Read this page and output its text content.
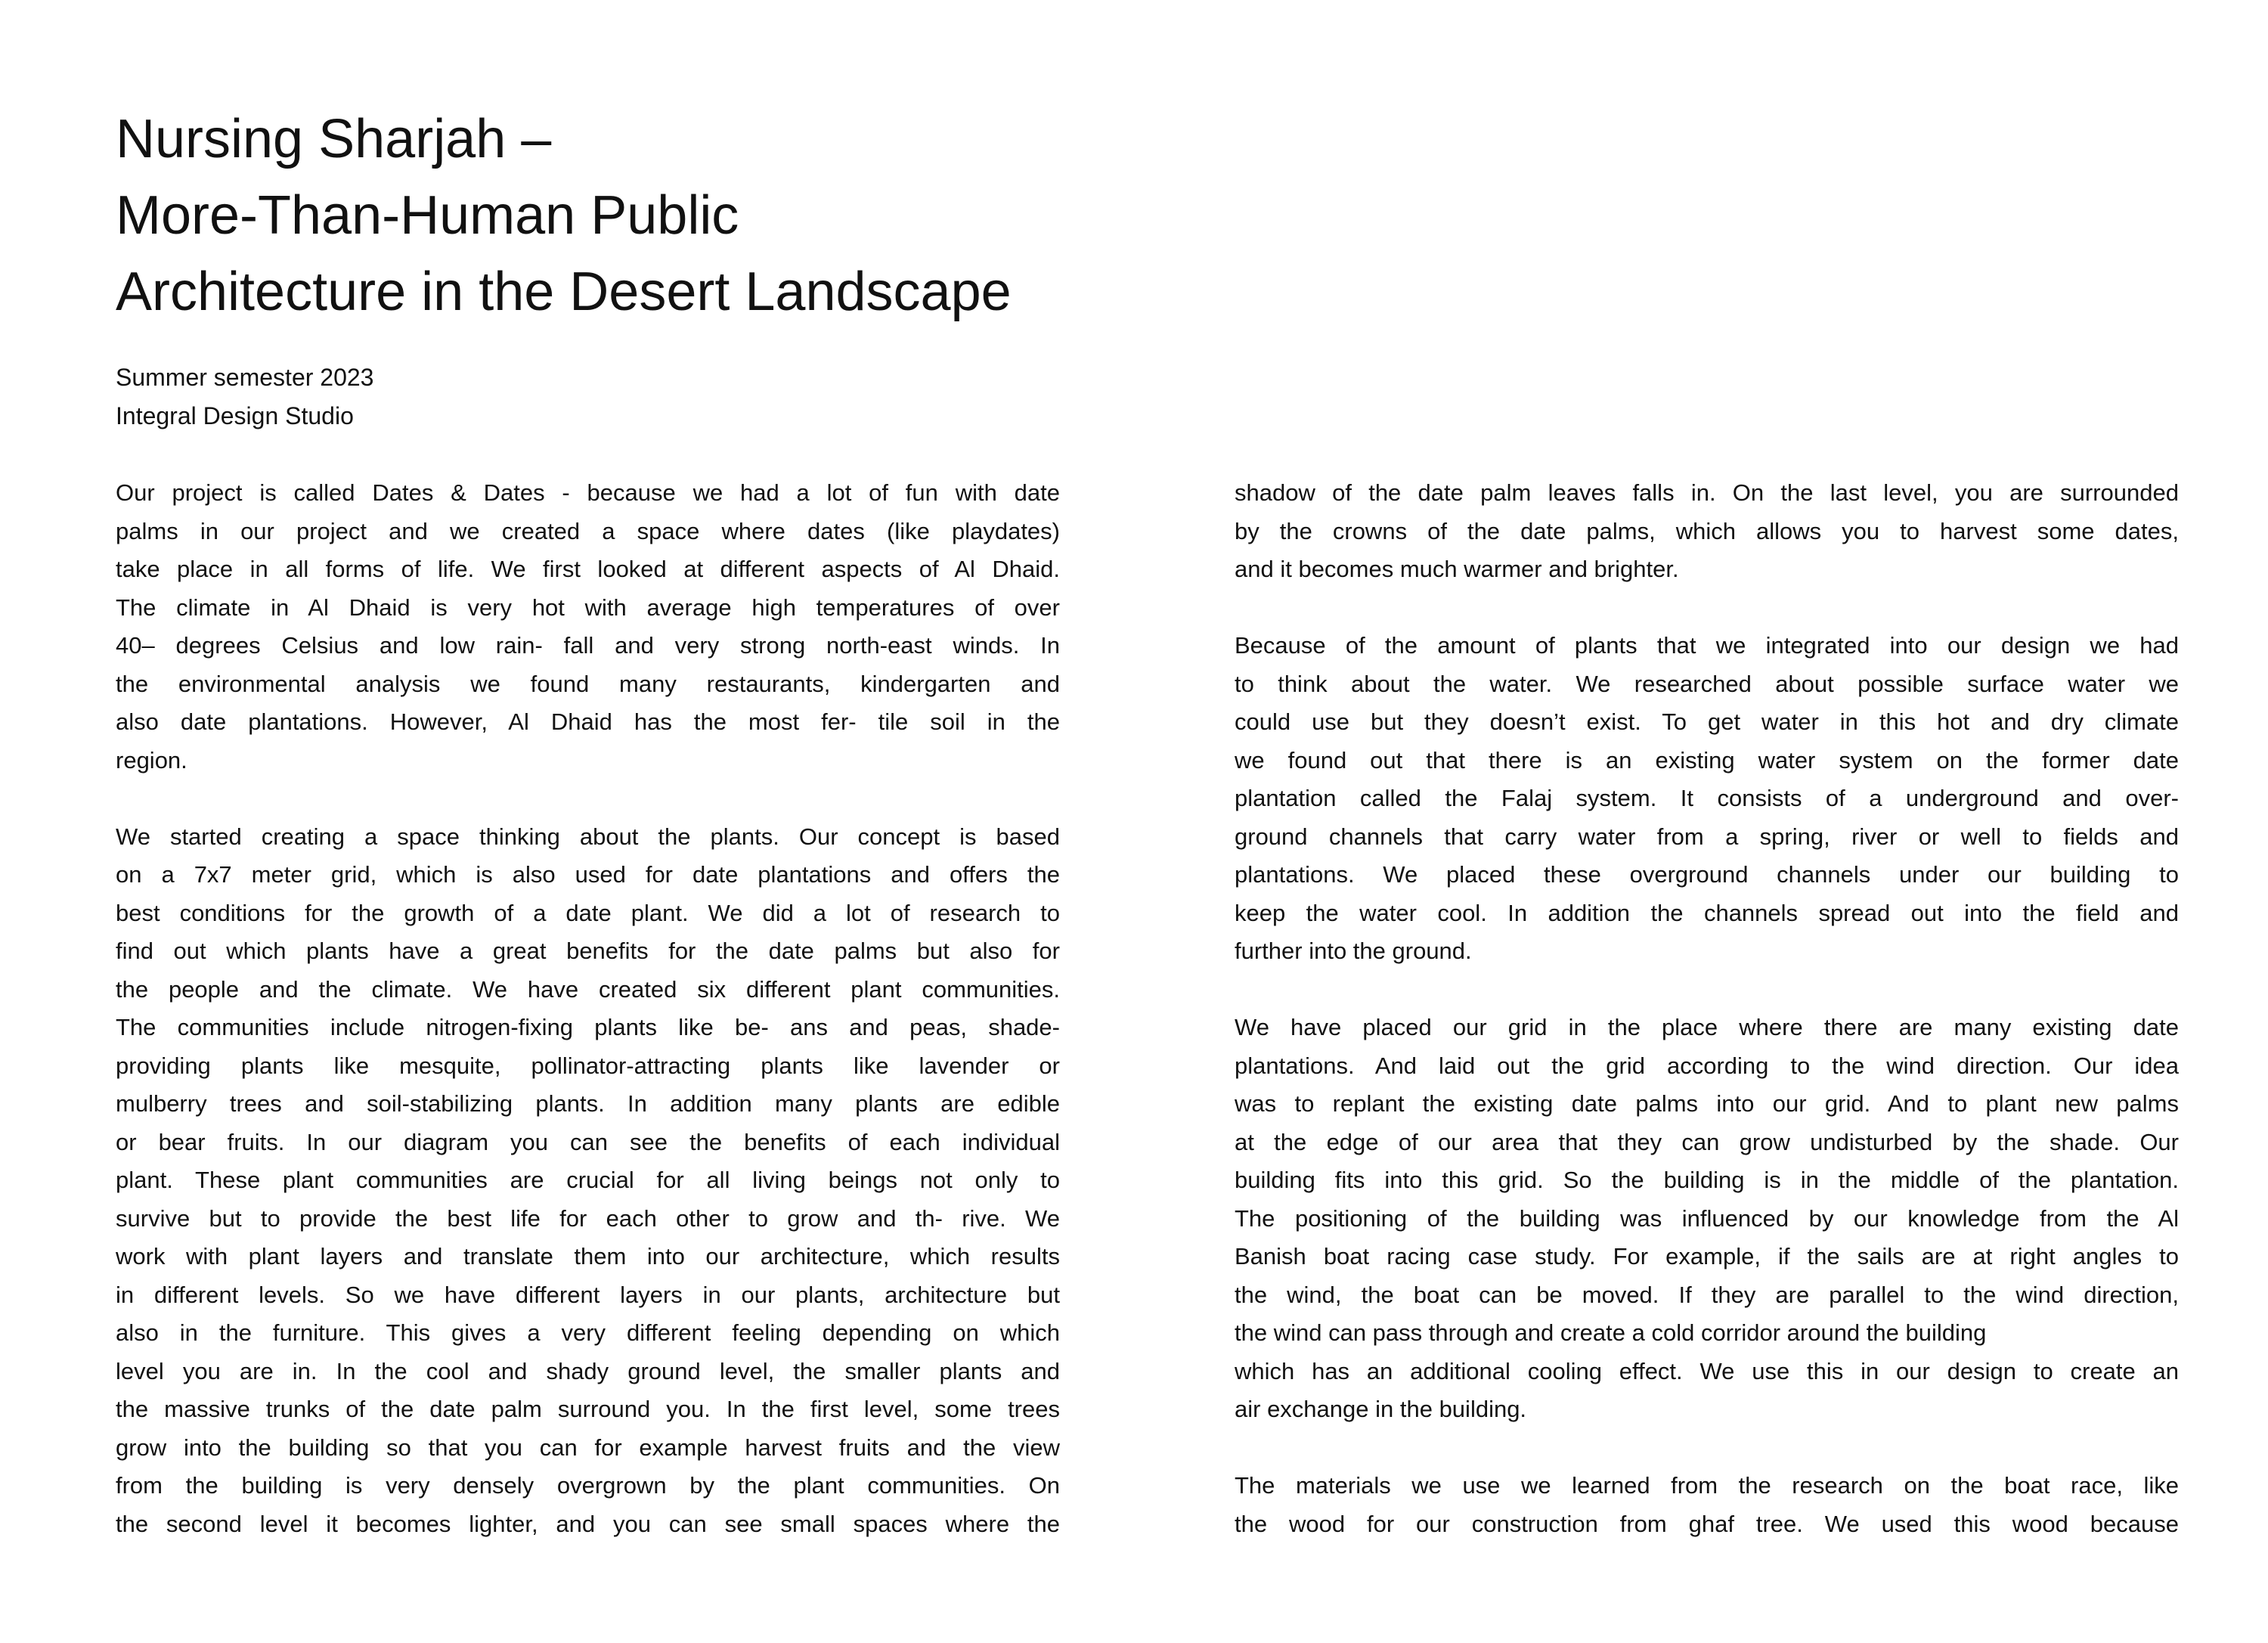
Nursing Sharjah –
More-Than-Human Public
Architecture in the Desert Landscape
Summer semester 2023
Integral Design Studio
Our project is called Dates & Dates - because we had a lot of fun with date
palms in our project and we created a space where dates (like playdates)
take place in all forms of life. We first looked at different aspects of Al Dhaid.
The climate in Al Dhaid is very hot with average high temperatures of over
40– degrees Celsius and low rain- fall and very strong north-east winds. In
the environmental analysis we found many restaurants, kindergarten and
also date plantations. However, Al Dhaid has the most fer- tile soil in the
region.
We started creating a space thinking about the plants. Our concept is based
on a 7x7 meter grid, which is also used for date plantations and offers the
best conditions for the growth of a date plant. We did a lot of research to
find out which plants have a great benefits for the date palms but also for
the people and the climate. We have created six different plant communities.
The communities include nitrogen-fixing plants like be- ans and peas, shade-
providing plants like mesquite, pollinator-attracting plants like lavender or
mulberry trees and soil-stabilizing plants. In addition many plants are edible
or bear fruits. In our diagram you can see the benefits of each individual
plant. These plant communities are crucial for all living beings not only to
survive but to provide the best life for each other to grow and th- rive. We
work with plant layers and translate them into our architecture, which results
in different levels. So we have different layers in our plants, architecture but
also in the furniture. This gives a very different feeling depending on which
level you are in. In the cool and shady ground level, the smaller plants and
the massive trunks of the date palm surround you. In the first level, some trees
grow into the building so that you can for example harvest fruits and the view
from the building is very densely overgrown by the plant communities. On
the second level it becomes lighter, and you can see small spaces where the
shadow of the date palm leaves falls in. On the last level, you are surrounded
by the crowns of the date palms, which allows you to harvest some dates,
and it becomes much warmer and brighter.
Because of the amount of plants that we integrated into our design we had
to think about the water. We researched about possible surface water we
could use but they doesn’t exist. To get water in this hot and dry climate
we found out that there is an existing water system on the former date
plantation called the Falaj system. It consists of a underground and over-
ground channels that carry water from a spring, river or well to fields and
plantations. We placed these overground channels under our building to
keep the water cool. In addition the channels spread out into the field and
further into the ground.
We have placed our grid in the place where there are many existing date
plantations. And laid out the grid according to the wind direction. Our idea
was to replant the existing date palms into our grid. And to plant new palms
at the edge of our area that they can grow undisturbed by the shade. Our
building fits into this grid. So the building is in the middle of the plantation.
The positioning of the building was influenced by our knowledge from the Al
Banish boat racing case study. For example, if the sails are at right angles to
the wind, the boat can be moved. If they are parallel to the wind direction,
the wind can pass through and create a cold corridor around the building
which has an additional cooling effect. We use this in our design to create an
air exchange in the building.
The materials we use we learned from the research on the boat race, like
the wood for our construction from ghaf tree. We used this wood because
